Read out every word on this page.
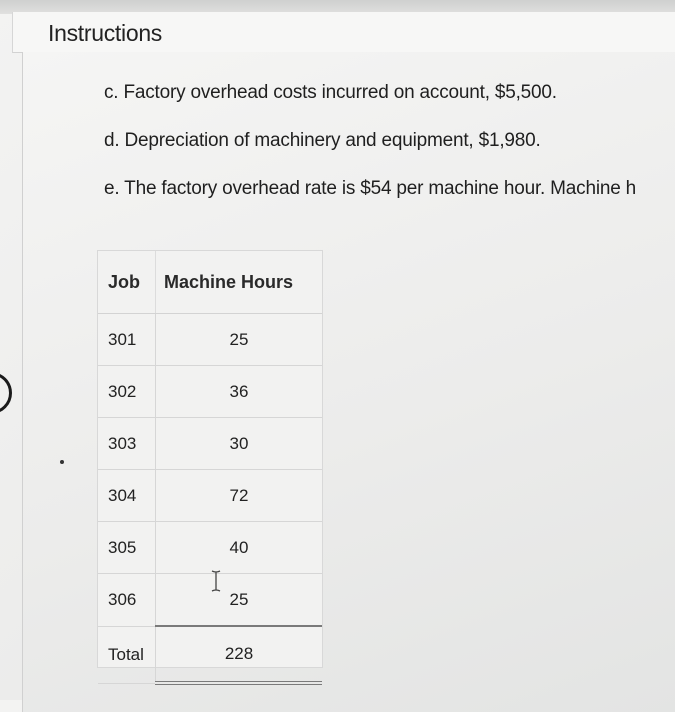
Instructions
c. Factory overhead costs incurred on account, $5,500.
d. Depreciation of machinery and equipment, $1,980.
e. The factory overhead rate is $54 per machine hour. Machine h
Job	Machine Hours
301	25
302	36
303	30
304	72
305	40
306	25
Total	228
